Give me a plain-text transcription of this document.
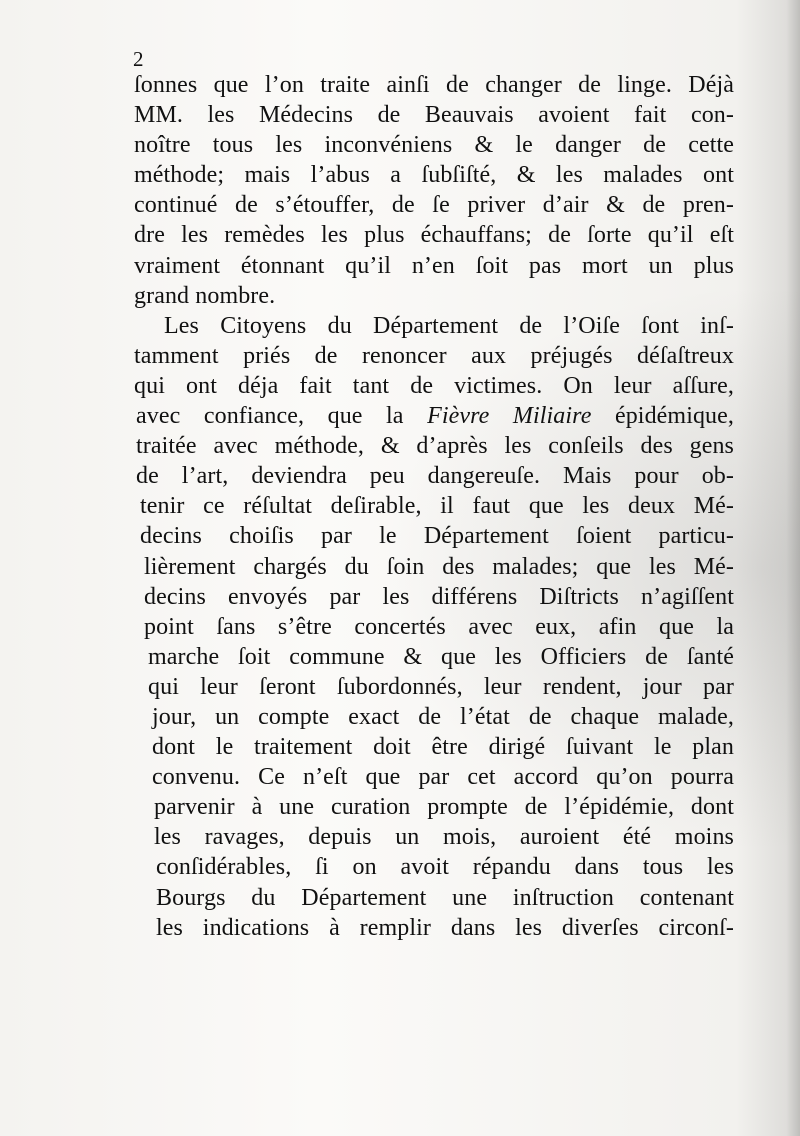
2
ſonnes que l’on traite ainſi de changer de linge. Déjà
MM. les Médecins de Beauvais avoient fait con-
noître tous les inconvéniens & le danger de cette
méthode; mais l’abus a ſubſiſté, & les malades ont
continué de s’étouffer, de ſe priver d’air & de pren-
dre les remèdes les plus échauffans; de ſorte qu’il eſt
vraiment étonnant qu’il n’en ſoit pas mort un plus
grand nombre.
Les Citoyens du Département de l’Oiſe ſont inſ-
tamment priés de renoncer aux préjugés déſaſtreux
qui ont déja fait tant de victimes. On leur aſſure,
avec confiance, que la Fièvre Miliaire épidémique,
traitée avec méthode, & d’après les conſeils des gens
de l’art, deviendra peu dangereuſe. Mais pour ob-
tenir ce réſultat deſirable, il faut que les deux Mé-
decins choiſis par le Département ſoient particu-
lièrement chargés du ſoin des malades; que les Mé-
decins envoyés par les différens Diſtricts n’agiſſent
point ſans s’être concertés avec eux, afin que la
marche ſoit commune & que les Officiers de ſanté
qui leur ſeront ſubordonnés, leur rendent, jour par
jour, un compte exact de l’état de chaque malade,
dont le traitement doit être dirigé ſuivant le plan
convenu. Ce n’eſt que par cet accord qu’on pourra
parvenir à une curation prompte de l’épidémie, dont
les ravages, depuis un mois, auroient été moins
conſidérables, ſi on avoit répandu dans tous les
Bourgs du Département une inſtruction contenant
les indications à remplir dans les diverſes circonſ-
